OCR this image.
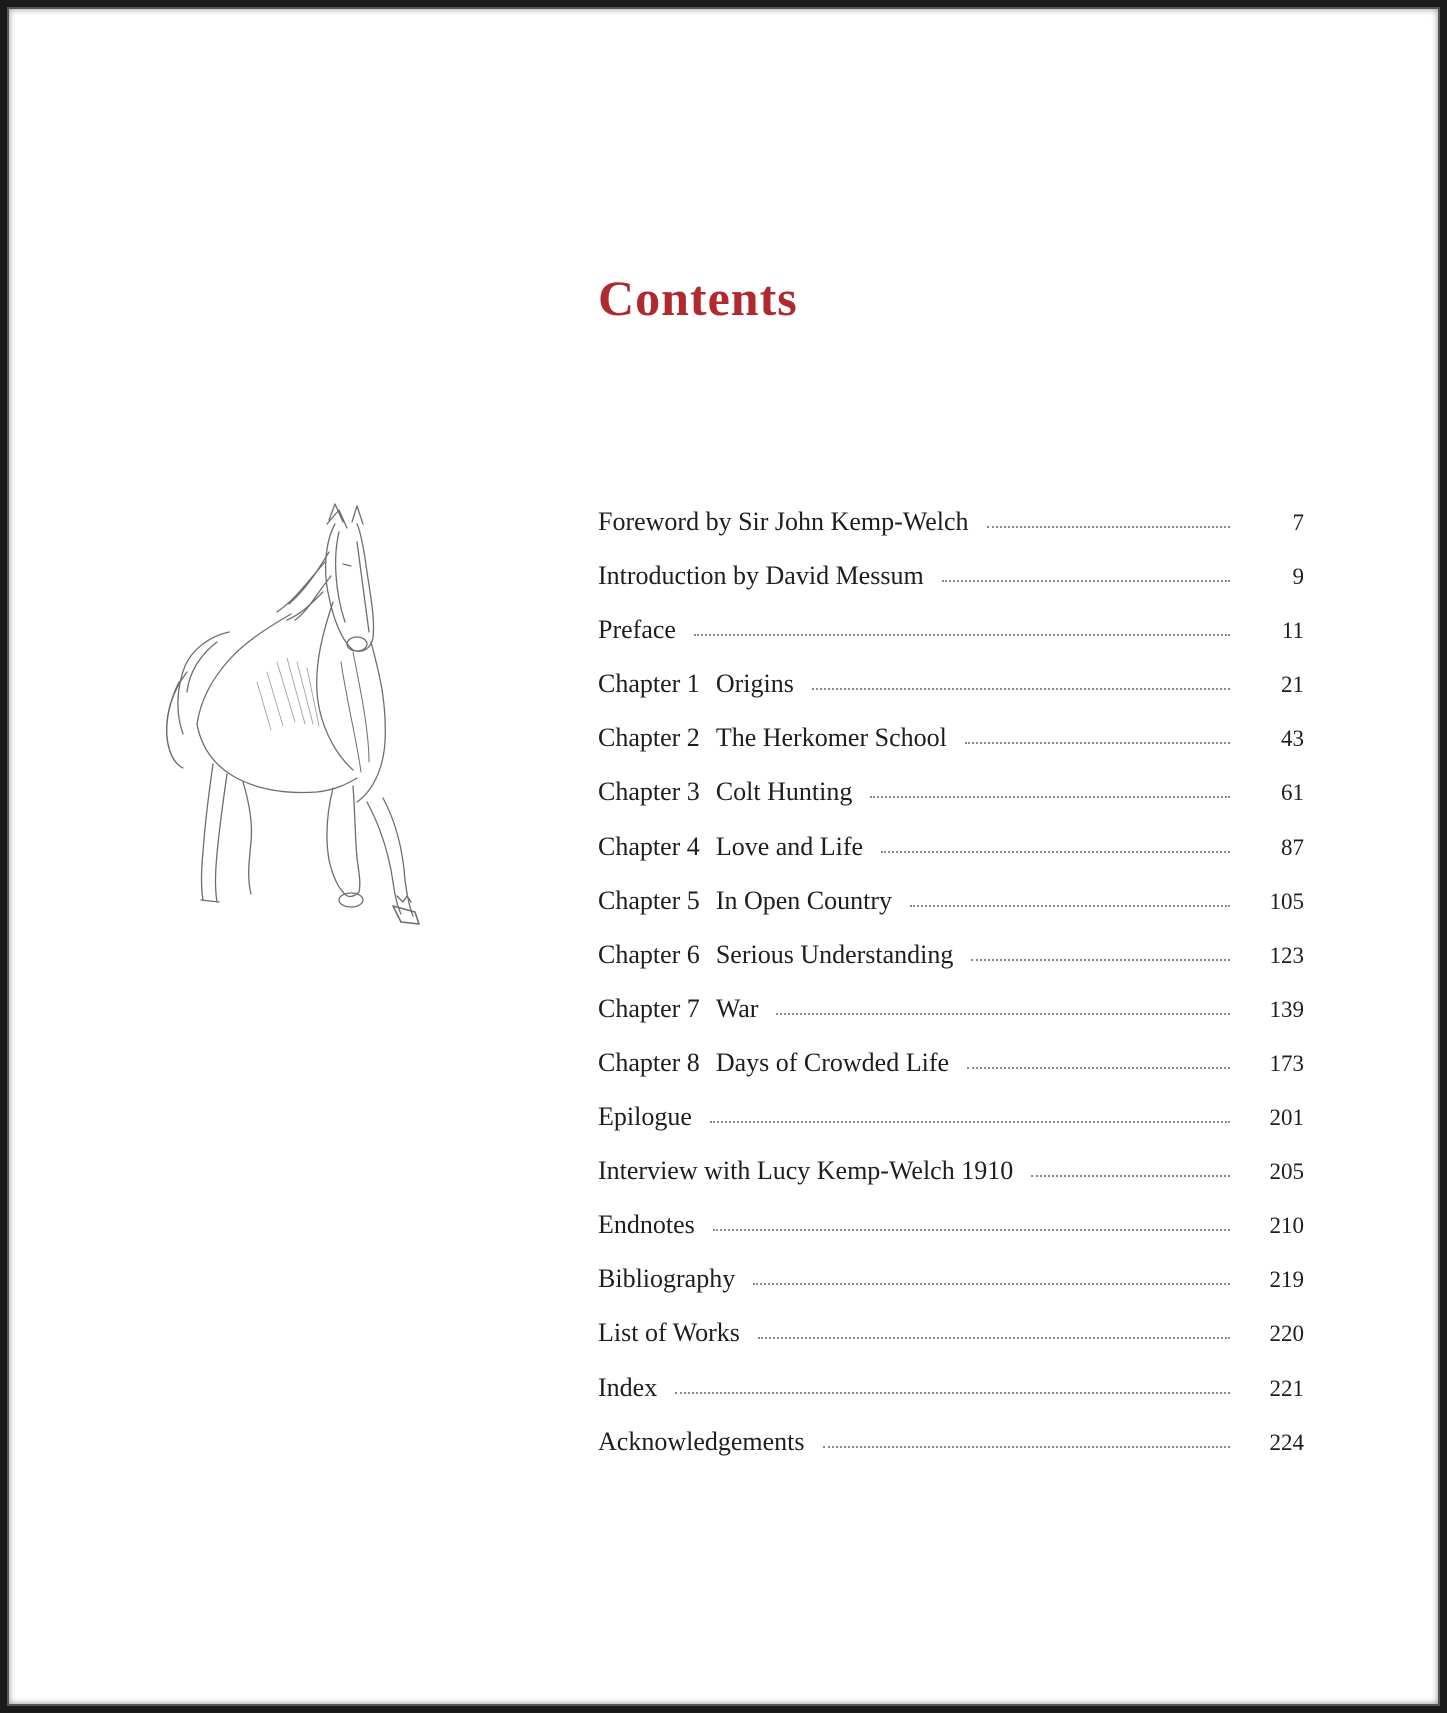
Contents
Foreword by Sir John Kemp-Welch	7
Introduction by David Messum	9
Preface	11
Chapter 1 Origins	21
Chapter 2 The Herkomer School	43
Chapter 3 Colt Hunting	61
Chapter 4 Love and Life	87
Chapter 5 In Open Country	105
Chapter 6 Serious Understanding	123
Chapter 7 War	139
Chapter 8 Days of Crowded Life	173
Epilogue	201
Interview with Lucy Kemp-Welch 1910	205
Endnotes	210
Bibliography	219
List of Works	220
Index	221
Acknowledgements	224
